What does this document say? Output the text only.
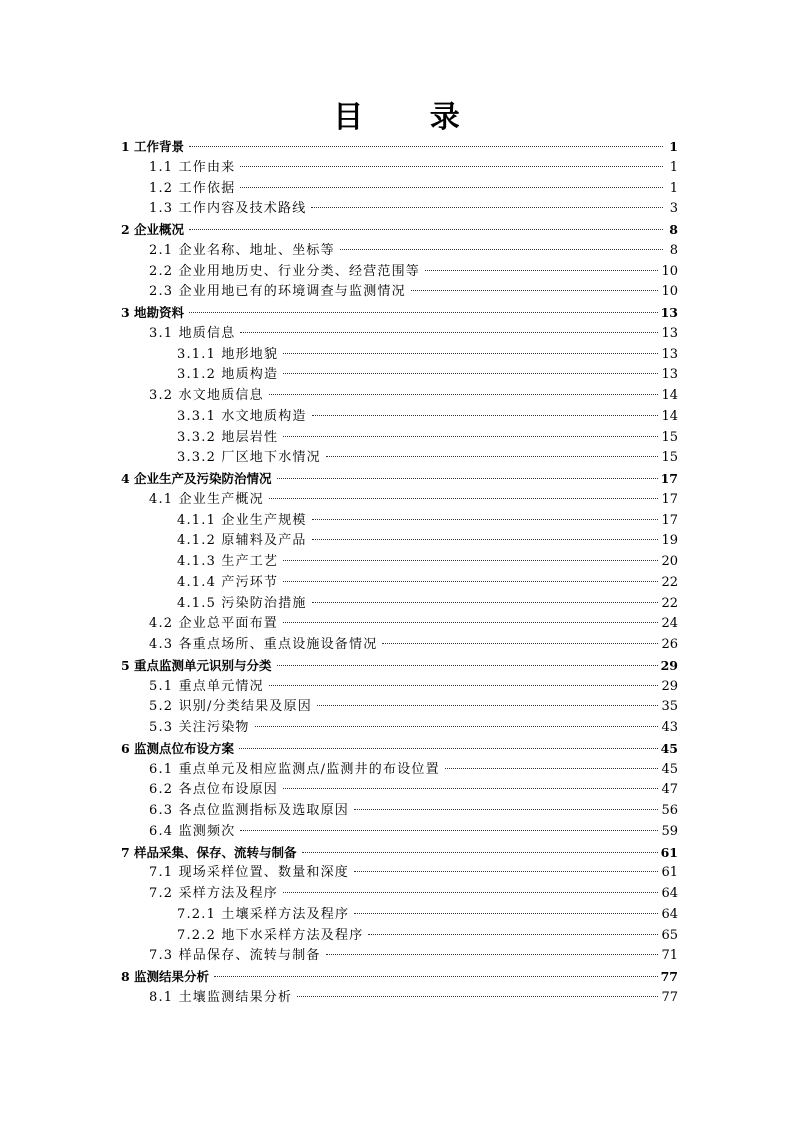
目 录
1 工作背景	1
1.1 工作由来	1
1.2 工作依据	1
1.3 工作内容及技术路线	3
2 企业概况	8
2.1 企业名称、地址、坐标等	8
2.2 企业用地历史、行业分类、经营范围等	10
2.3 企业用地已有的环境调查与监测情况	10
3 地勘资料	13
3.1 地质信息	13
3.1.1 地形地貌	13
3.1.2 地质构造	13
3.2 水文地质信息	14
3.3.1 水文地质构造	14
3.3.2 地层岩性	15
3.3.2 厂区地下水情况	15
4 企业生产及污染防治情况	17
4.1 企业生产概况	17
4.1.1 企业生产规模	17
4.1.2 原辅料及产品	19
4.1.3 生产工艺	20
4.1.4 产污环节	22
4.1.5 污染防治措施	22
4.2 企业总平面布置	24
4.3 各重点场所、重点设施设备情况	26
5 重点监测单元识别与分类	29
5.1 重点单元情况	29
5.2 识别/分类结果及原因	35
5.3 关注污染物	43
6 监测点位布设方案	45
6.1 重点单元及相应监测点/监测井的布设位置	45
6.2 各点位布设原因	47
6.3 各点位监测指标及选取原因	56
6.4 监测频次	59
7 样品采集、保存、流转与制备	61
7.1 现场采样位置、数量和深度	61
7.2 采样方法及程序	64
7.2.1 土壤采样方法及程序	64
7.2.2 地下水采样方法及程序	65
7.3 样品保存、流转与制备	71
8 监测结果分析	77
8.1 土壤监测结果分析	77
